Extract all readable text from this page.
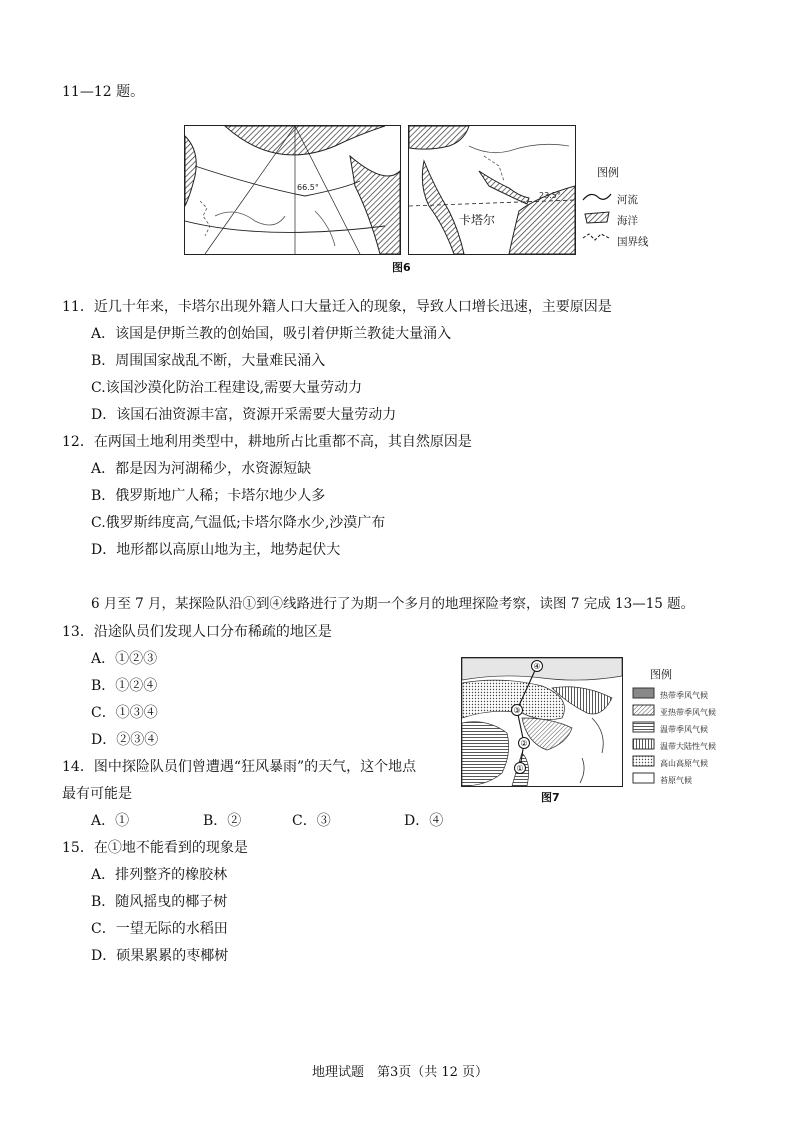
11—12 题。
66.5°
23.5°
卡塔尔
图例
河流
海洋
国界线
图6
11．近几十年来，卡塔尔出现外籍人口大量迁入的现象，导致人口增长迅速，主要原因是
A．该国是伊斯兰教的创始国，吸引着伊斯兰教徒大量涌入
B．周围国家战乱不断，大量难民涌入
C.该国沙漠化防治工程建设,需要大量劳动力
D．该国石油资源丰富，资源开采需要大量劳动力
12．在两国土地利用类型中，耕地所占比重都不高，其自然原因是
A．都是因为河湖稀少，水资源短缺
B．俄罗斯地广人稀；卡塔尔地少人多
C.俄罗斯纬度高,气温低;卡塔尔降水少,沙漠广布
D．地形都以高原山地为主，地势起伏大
6 月至 7 月，某探险队沿①到④线路进行了为期一个多月的地理探险考察，读图 7 完成 13—15 题。
13．沿途队员们发现人口分布稀疏的地区是
A．①②③
B．①②④
C．①③④
D．②③④
14．图中探险队员们曾遭遇“狂风暴雨”的天气，这个地点
最有可能是
A．①	B．②	C．③	D．④
15．在①地不能看到的现象是
A．排列整齐的橡胶林
B．随风摇曳的椰子树
C．一望无际的水稻田
D．硕果累累的枣椰树
①
②
③
④
图例
热带季风气候
亚热带季风气候
温带季风气候
温带大陆性气候
高山高原气候
苔原气候
图7
地理试题　第3页（共 12 页）
